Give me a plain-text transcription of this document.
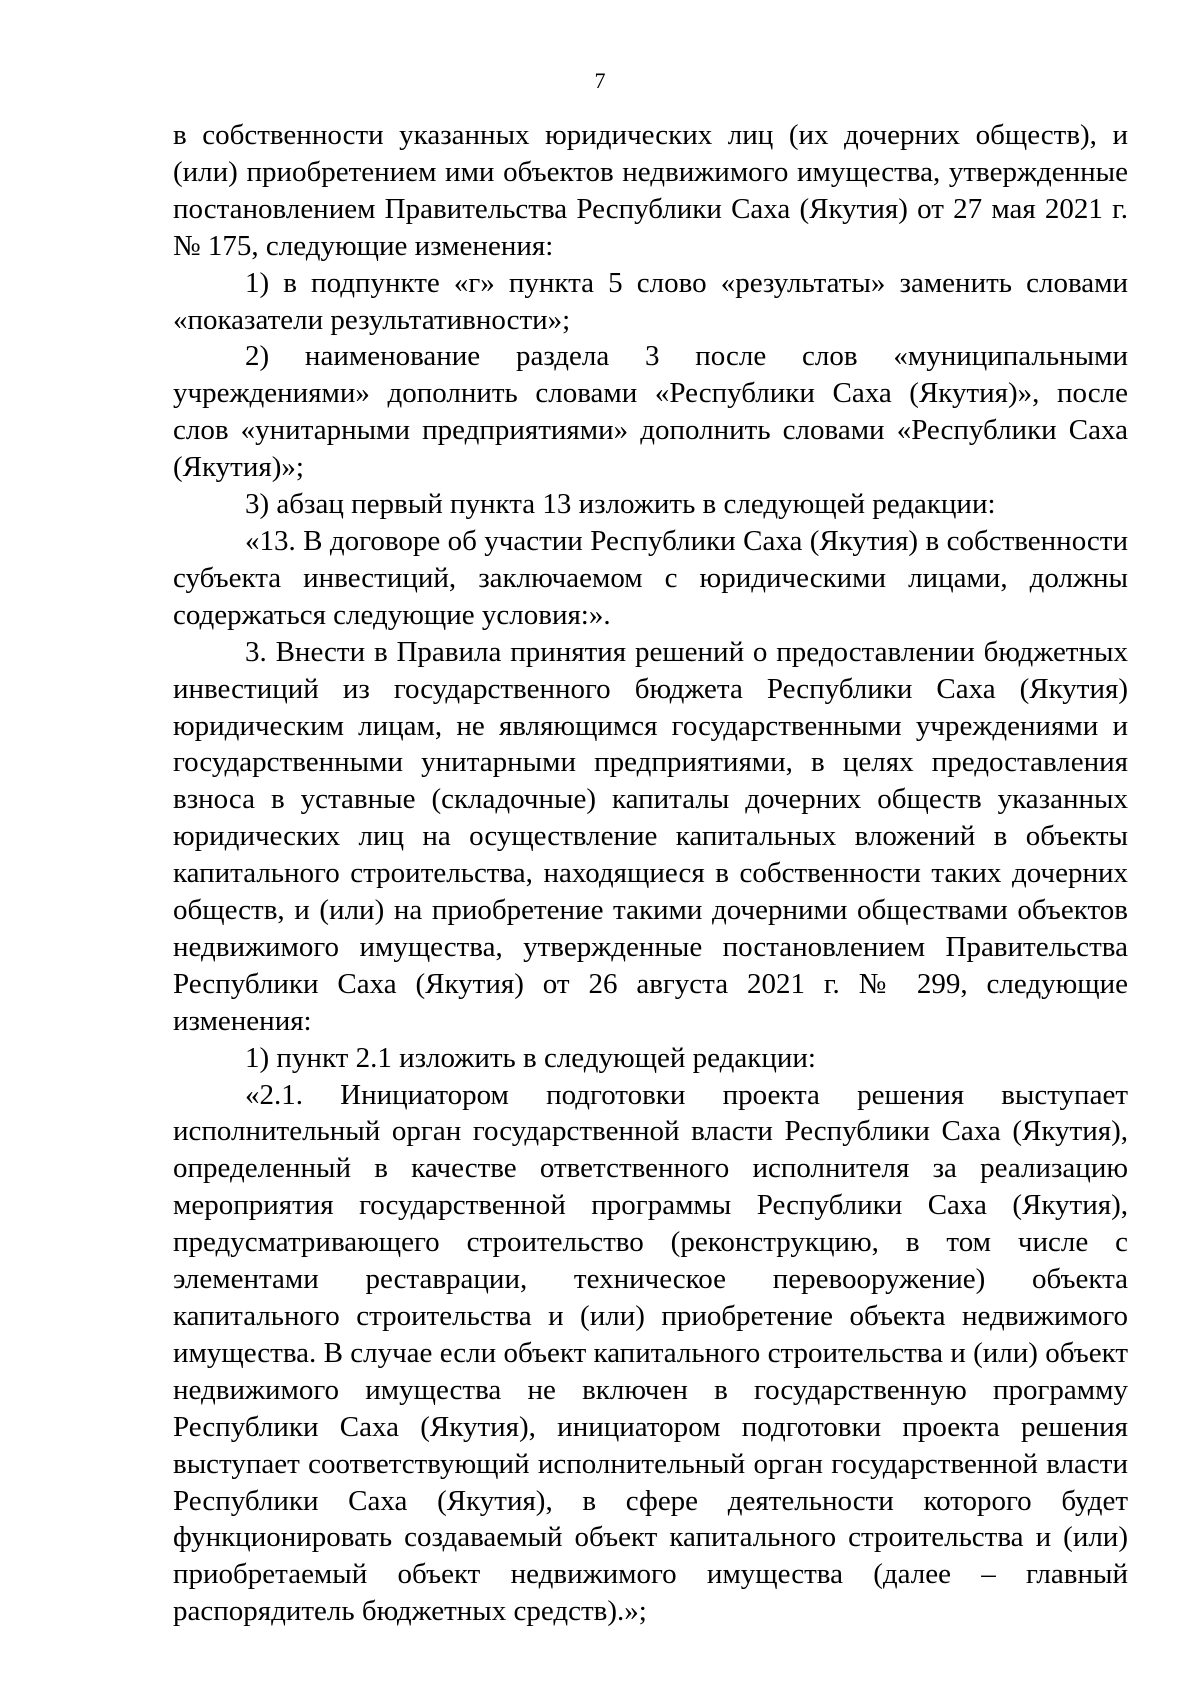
7

в собственности указанных юридических лиц (их дочерних обществ), и (или) приобретением ими объектов недвижимого имущества, утвержденные постановлением Правительства Республики Саха (Якутия) от 27 мая 2021 г. № 175, следующие изменения:

1) в подпункте «г» пункта 5 слово «результаты» заменить словами «показатели результативности»;

2) наименование раздела 3 после слов «муниципальными учреждениями» дополнить словами «Республики Саха (Якутия)», после слов «унитарными предприятиями» дополнить словами «Республики Саха (Якутия)»;

3) абзац первый пункта 13 изложить в следующей редакции:

«13. В договоре об участии Республики Саха (Якутия) в собственности субъекта инвестиций, заключаемом с юридическими лицами, должны содержаться следующие условия:».

3. Внести в Правила принятия решений о предоставлении бюджетных инвестиций из государственного бюджета Республики Саха (Якутия) юридическим лицам, не являющимся государственными учреждениями и государственными унитарными предприятиями, в целях предоставления взноса в уставные (складочные) капиталы дочерних обществ указанных юридических лиц на осуществление капитальных вложений в объекты капитального строительства, находящиеся в собственности таких дочерних обществ, и (или) на приобретение такими дочерними обществами объектов недвижимого имущества, утвержденные постановлением Правительства Республики Саха (Якутия) от 26 августа 2021 г. № 299, следующие изменения:

1) пункт 2.1 изложить в следующей редакции:

«2.1. Инициатором подготовки проекта решения выступает исполнительный орган государственной власти Республики Саха (Якутия), определенный в качестве ответственного исполнителя за реализацию мероприятия государственной программы Республики Саха (Якутия), предусматривающего строительство (реконструкцию, в том числе с элементами реставрации, техническое перевооружение) объекта капитального строительства и (или) приобретение объекта недвижимого имущества. В случае если объект капитального строительства и (или) объект недвижимого имущества не включен в государственную программу Республики Саха (Якутия), инициатором подготовки проекта решения выступает соответствующий исполнительный орган государственной власти Республики Саха (Якутия), в сфере деятельности которого будет функционировать создаваемый объект капитального строительства и (или) приобретаемый объект недвижимого имущества (далее – главный распорядитель бюджетных средств).»;
